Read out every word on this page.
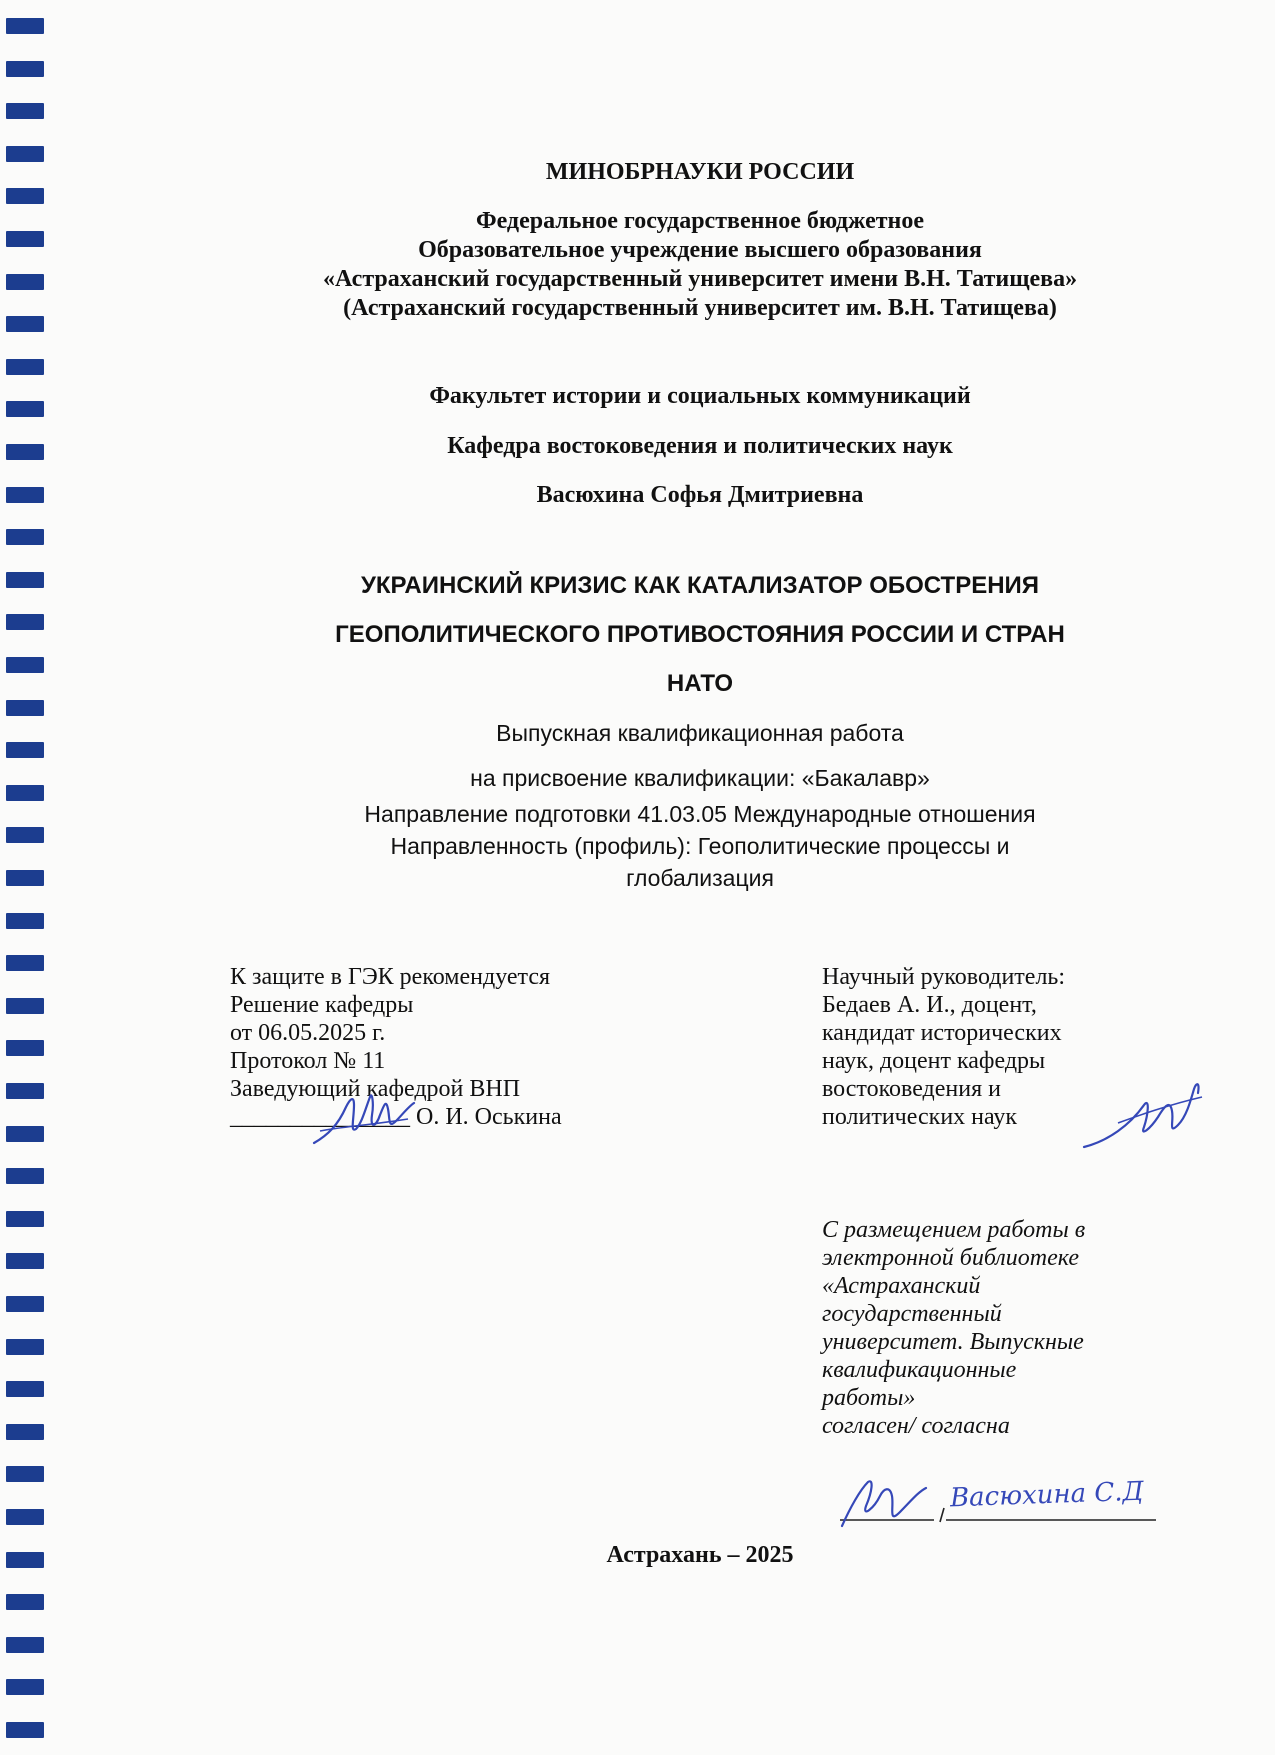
МИНОБРНАУКИ РОССИИ
Федеральное государственное бюджетное
Образовательное учреждение высшего образования
«Астраханский государственный университет имени В.Н. Татищева»
(Астраханский государственный университет им. В.Н. Татищева)
Факультет истории и социальных коммуникаций
Кафедра востоковедения и политических наук
Васюхина Софья Дмитриевна
УКРАИНСКИЙ КРИЗИС КАК КАТАЛИЗАТОР ОБОСТРЕНИЯ
ГЕОПОЛИТИЧЕСКОГО ПРОТИВОСТОЯНИЯ РОССИИ И СТРАН
НАТО
Выпускная квалификационная работа
на присвоение квалификации: «Бакалавр»
Направление подготовки 41.03.05 Международные отношения
Направленность (профиль): Геополитические процессы и
глобализация
К защите в ГЭК рекомендуется
Решение кафедры
от 06.05.2025 г.
Протокол № 11
Заведующий кафедрой ВНП
_______________ О. И. Оськина
Научный руководитель:
Бедаев А. И., доцент,
кандидат исторических
наук, доцент кафедры
востоковедения и
политических наук
С размещением работы в
электронной библиотеке
«Астраханский
государственный
университет. Выпускные
квалификационные
работы»
согласен/ согласна
Васюхина С.Д
Астрахань – 2025
